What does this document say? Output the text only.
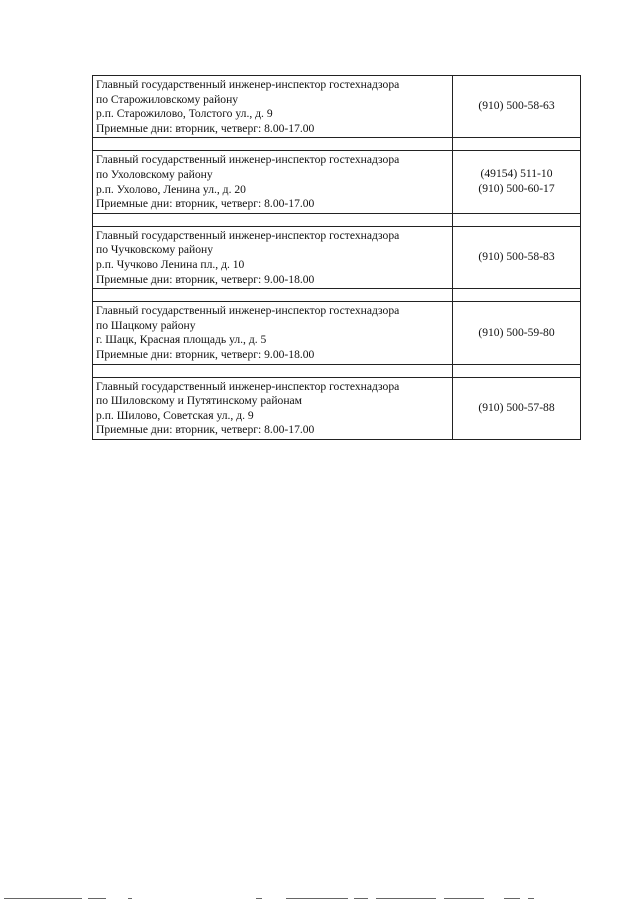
Главный государственный инженер-инспектор гостехнадзора
по Старожиловскому району
р.п. Старожилово, Толстого ул., д. 9
Приемные дни: вторник, четверг: 8.00-17.00	(910) 500-58-63

Главный государственный инженер-инспектор гостехнадзора
по Ухоловскому району
р.п. Ухолово, Ленина ул., д. 20
Приемные дни: вторник, четверг: 8.00-17.00	(49154) 511-10
(910) 500-60-17

Главный государственный инженер-инспектор гостехнадзора
по Чучковскому району
р.п. Чучково Ленина пл., д. 10
Приемные дни: вторник, четверг: 9.00-18.00	(910) 500-58-83

Главный государственный инженер-инспектор гостехнадзора
по Шацкому району
г. Шацк, Красная площадь ул., д. 5
Приемные дни: вторник, четверг: 9.00-18.00	(910) 500-59-80

Главный государственный инженер-инспектор гостехнадзора
по Шиловскому и Путятинскому районам
р.п. Шилово, Советская ул., д. 9
Приемные дни: вторник, четверг: 8.00-17.00	(910) 500-57-88
